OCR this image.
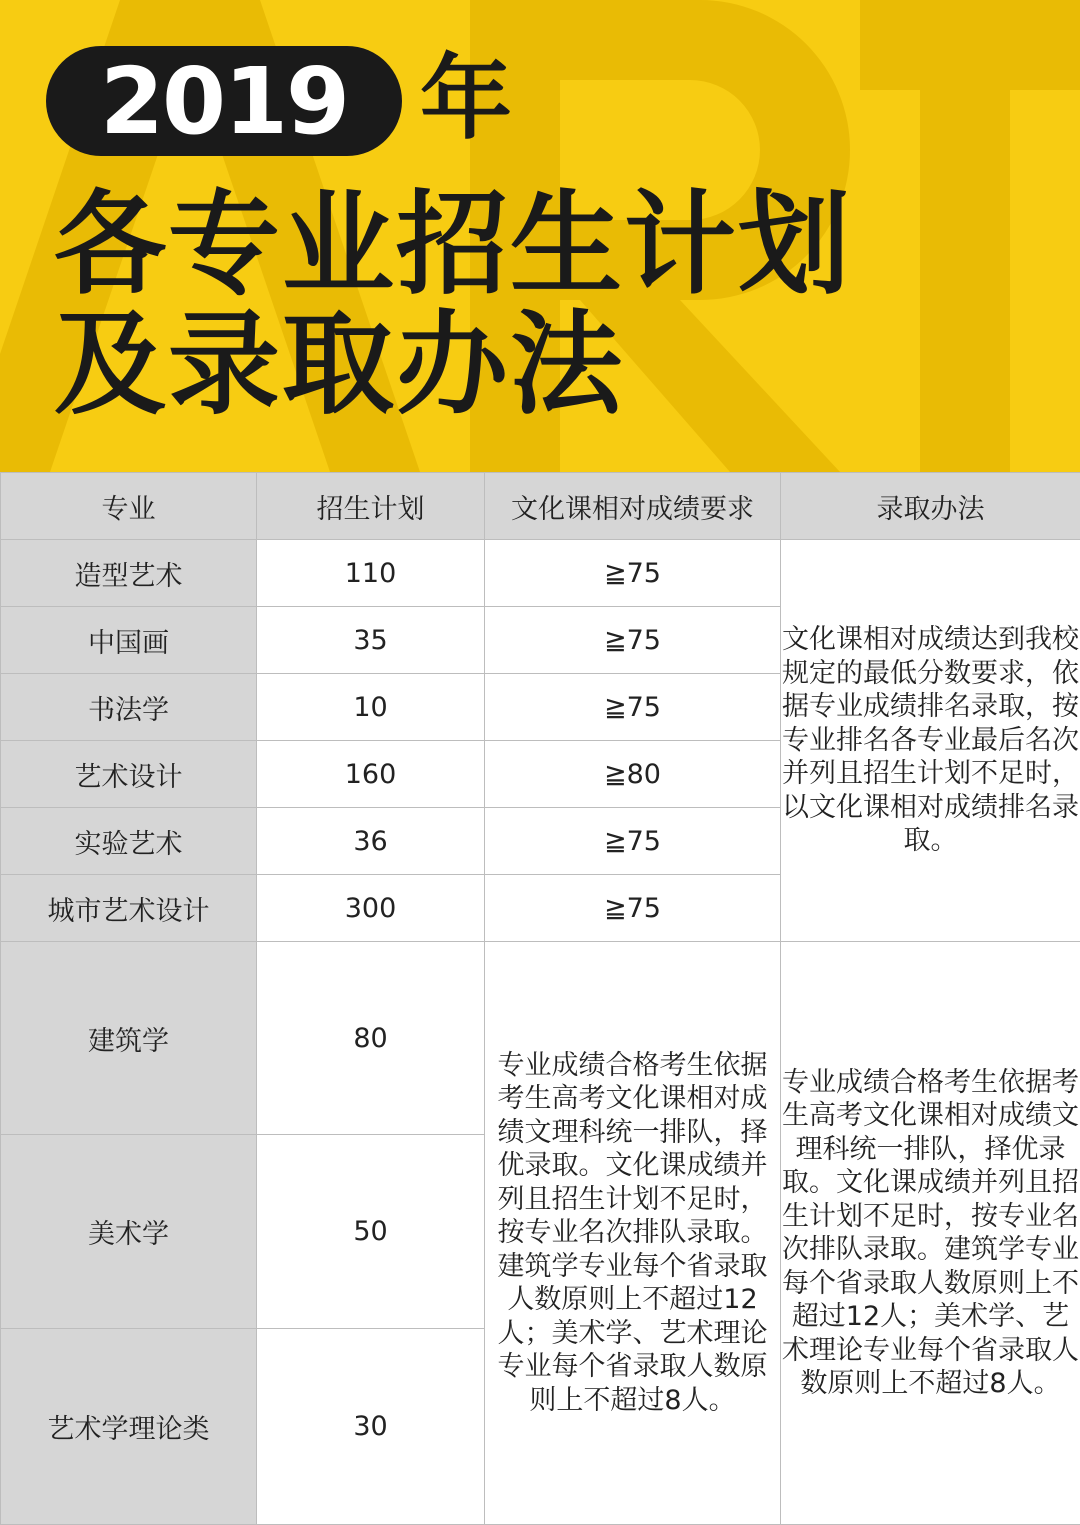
2019 年
各专业招生计划
及录取办法
专业	招生计划	文化课相对成绩要求	录取办法
造型艺术	110	≧75	文化课相对成绩达到我校规定的最低分数要求，依据专业成绩排名录取，按专业排名各专业最后名次并列且招生计划不足时，以文化课相对成绩排名录取。
中国画	35	≧75	
书法学	10	≧75	
艺术设计	160	≧80	
实验艺术	36	≧75	
城市艺术设计	300	≧75	
建筑学	80	专业成绩合格考生依据考生高考文化课相对成绩文理科统一排队，择优录取。文化课成绩并列且招生计划不足时，按专业名次排队录取。建筑学专业每个省录取人数原则上不超过12人；美术学、艺术理论专业每个省录取人数原则上不超过8人。	专业成绩合格考生依据考生高考文化课相对成绩文理科统一排队，择优录取。文化课成绩并列且招生计划不足时，按专业名次排队录取。建筑学专业每个省录取人数原则上不超过12人；美术学、艺术理论专业每个省录取人数原则上不超过8人。
美术学	50		
艺术学理论类	30		
